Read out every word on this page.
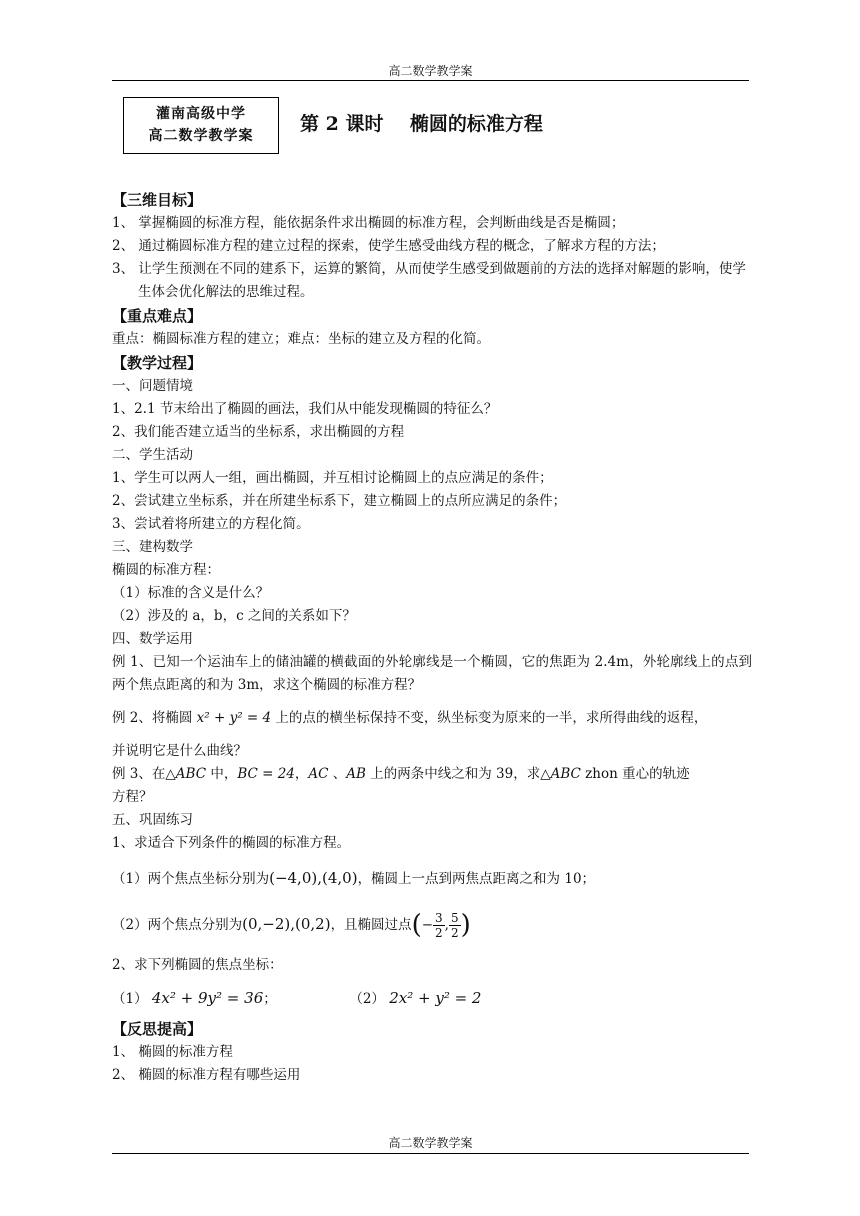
高二数学教学案
灌南高级中学
高二数学教学案
第 2 课时    椭圆的标准方程

【三维目标】

1、 掌握椭圆的标准方程，能依据条件求出椭圆的标准方程，会判断曲线是否是椭圆；

2、 通过椭圆标准方程的建立过程的探索，使学生感受曲线方程的概念，了解求方程的方法；

3、 让学生预测在不同的建系下，运算的繁简，从而使学生感受到做题前的方法的选择对解题的影响，使学生体会优化解法的思维过程。

【重点难点】

重点：椭圆标准方程的建立；难点：坐标的建立及方程的化简。

【教学过程】

一、问题情境

1、2.1 节末给出了椭圆的画法，我们从中能发现椭圆的特征么？

2、我们能否建立适当的坐标系，求出椭圆的方程

二、学生活动

1、学生可以两人一组，画出椭圆，并互相讨论椭圆上的点应满足的条件；

2、尝试建立坐标系，并在所建坐标系下，建立椭圆上的点所应满足的条件；

3、尝试着将所建立的方程化简。

三、建构数学

椭圆的标准方程：

（1）标准的含义是什么？

（2）涉及的 a，b，c 之间的关系如下？

四、数学运用

例 1、已知一个运油车上的储油罐的横截面的外轮廓线是一个椭圆，它的焦距为 2.4m，外轮廓线上的点到两个焦点距离的和为 3m，求这个椭圆的标准方程？

例 2、将椭圆 x² + y² = 4 上的点的横坐标保持不变，纵坐标变为原来的一半，求所得曲线的返程，

并说明它是什么曲线？

例 3、在△ABC 中，BC = 24，AC 、AB 上的两条中线之和为 39，求△ABC zhon 重心的轨迹

方程？

五、巩固练习

1、求适合下列条件的椭圆的标准方程。

（1）两个焦点坐标分别为(−4,0),(4,0)，椭圆上一点到两焦点距离之和为 10；

（2）两个焦点分别为(0,−2),(0,2)，且椭圆过点(− $\frac{3}{2}$ , $\frac{5}{2}$ )

2、求下列椭圆的焦点坐标：

（1） 4x² + 9y² = 36；	（2） 2x² + y² = 2

【反思提高】

1、 椭圆的标准方程

2、 椭圆的标准方程有哪些运用

高二数学教学案
